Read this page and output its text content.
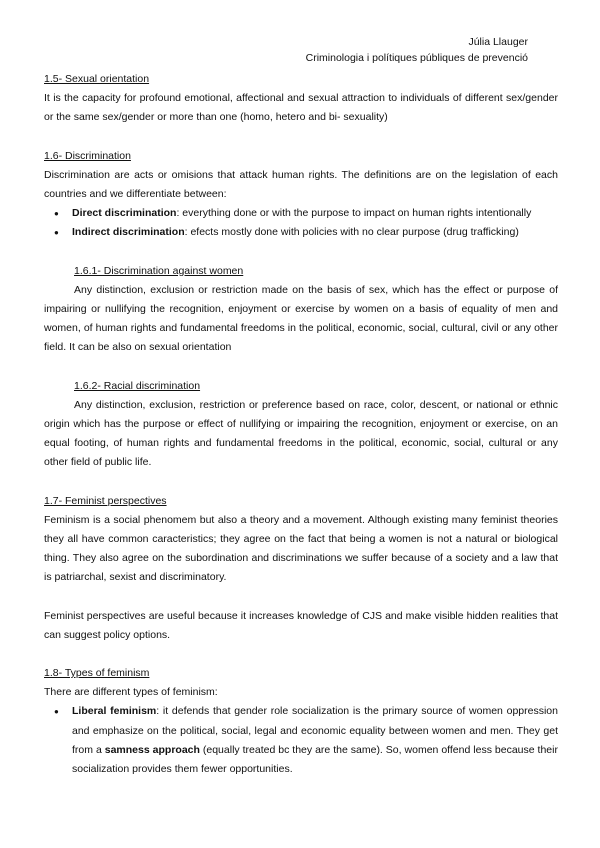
Júlia Llauger
Criminologia i polítiques públiques de prevenció

1.5- Sexual orientation

It is the capacity for profound emotional, affectional and sexual attraction to individuals of different sex/gender or the same sex/gender or more than one (homo, hetero and bi- sexuality)

1.6- Discrimination

Discrimination are acts or omisions that attack human rights. The definitions are on the legislation of each countries and we differentiate between:

● Direct discrimination: everything done or with the purpose to impact on human rights intentionally
● Indirect discrimination: efects mostly done with policies with no clear purpose (drug trafficking)

1.6.1- Discrimination against women

Any distinction, exclusion or restriction made on the basis of sex, which has the effect or purpose of impairing or nullifying the recognition, enjoyment or exercise by women on a basis of equality of men and women, of human rights and fundamental freedoms in the political, economic, social, cultural, civil or any other field. It can be also on sexual orientation

1.6.2- Racial discrimination

Any distinction, exclusion, restriction or preference based on race, color, descent, or national or ethnic origin which has the purpose or effect of nullifying or impairing the recognition, enjoyment or exercise, on an equal footing, of human rights and fundamental freedoms in the political, economic, social, cultural or any other field of public life.

1.7- Feminist perspectives

Feminism is a social phenomem but also a theory and a movement. Although existing many feminist theories they all have common caracteristics; they agree on the fact that being a women is not a natural or biological thing. They also agree on the subordination and discriminations we suffer because of a society and a law that is patriarchal, sexist and discriminatory.

Feminist perspectives are useful because it increases knowledge of CJS and make visible hidden realities that can suggest policy options.

1.8- Types of feminism

There are different types of feminism:

● Liberal feminism: it defends that gender role socialization is the primary source of women oppression and emphasize on the political, social, legal and economic equality between women and men. They get from a samness approach (equally treated bc they are the same). So, women offend less because their socialization provides them fewer opportunities.
